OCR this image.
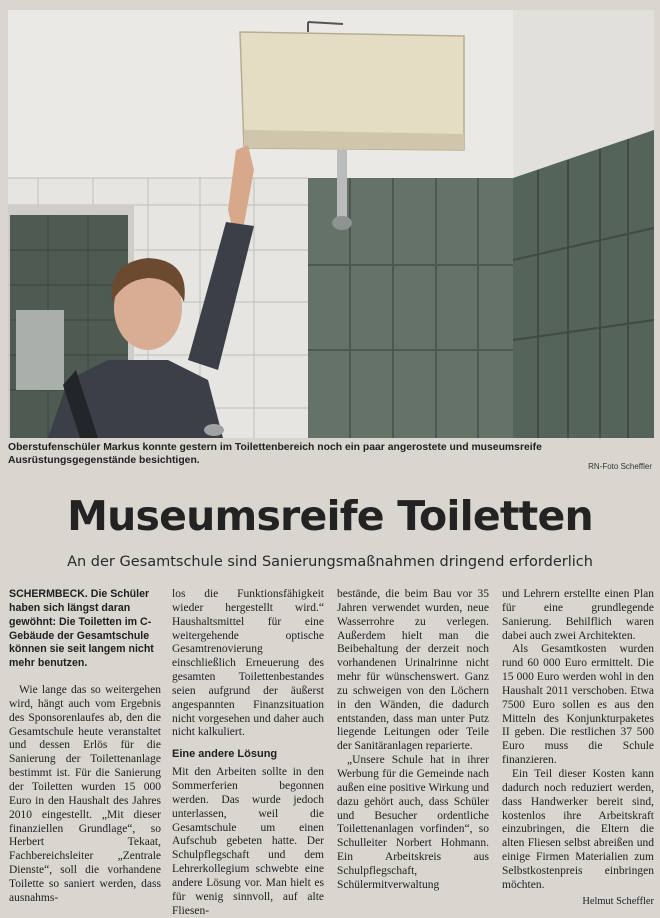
Oberstufenschüler Markus konnte gestern im Toilettenbereich noch ein paar angerostete und museumsreife Ausrüstungsgegenstände besichtigen.
RN-Foto Scheffler
Museumsreife Toiletten
An der Gesamtschule sind Sanierungsmaßnahmen dringend erforderlich

SCHERMBECK. Die Schüler haben sich längst daran gewöhnt: Die Toiletten im C-Gebäude der Gesamtschule können sie seit langem nicht mehr benutzen.

Wie lange das so weitergehen wird, hängt auch vom Ergebnis des Sponsorenlaufes ab, den die Gesamtschule heute veranstaltet und dessen Erlös für die Sanierung der Toilettenanlage bestimmt ist. Für die Sanierung der Toiletten wurden 15 000 Euro in den Haushalt des Jahres 2010 eingestellt. „Mit dieser finanziellen Grundlage“, so Herbert Tekaat, Fachbereichsleiter „Zentrale Dienste“, soll die vorhandene Toilette so saniert werden, dass ausnahms-

los die Funktionsfähigkeit wieder hergestellt wird.“ Haushaltsmittel für eine weitergehende optische Gesamtrenovierung einschließlich Erneuerung des gesamten Toilettenbestandes seien aufgrund der äußerst angespannten Finanzsituation nicht vorgesehen und daher auch nicht kalkuliert.

Eine andere Lösung

Mit den Arbeiten sollte in den Sommerferien begonnen werden. Das wurde jedoch unterlassen, weil die Gesamtschule um einen Aufschub gebeten hatte. Der Schulpflegschaft und dem Lehrerkollegium schwebte eine andere Lösung vor. Man hielt es für wenig sinnvoll, auf alte Fliesen-

bestände, die beim Bau vor 35 Jahren verwendet wurden, neue Wasserrohre zu verlegen. Außerdem hielt man die Beibehaltung der derzeit noch vorhandenen Urinalrinne nicht mehr für wünschenswert. Ganz zu schweigen von den Löchern in den Wänden, die dadurch entstanden, dass man unter Putz liegende Leitungen oder Teile der Sanitäranlagen reparierte.

„Unsere Schule hat in ihrer Werbung für die Gemeinde nach außen eine positive Wirkung und dazu gehört auch, dass Schüler und Besucher ordentliche Toilettenanlagen vorfinden“, so Schulleiter Norbert Hohmann. Ein Arbeitskreis aus Schulpflegschaft, Schülermitverwaltung

und Lehrern erstellte einen Plan für eine grundlegende Sanierung. Behilflich waren dabei auch zwei Architekten.

Als Gesamtkosten wurden rund 60 000 Euro ermittelt. Die 15 000 Euro werden wohl in den Haushalt 2011 verschoben. Etwa 7500 Euro sollen es aus den Mitteln des Konjunkturpaketes II geben. Die restlichen 37 500 Euro muss die Schule finanzieren.

Ein Teil dieser Kosten kann dadurch noch reduziert werden, dass Handwerker bereit sind, kostenlos ihre Arbeitskraft einzubringen, die Eltern die alten Fliesen selbst abreißen und einige Firmen Materialien zum Selbstkostenpreis einbringen möchten.

Helmut Scheffler
